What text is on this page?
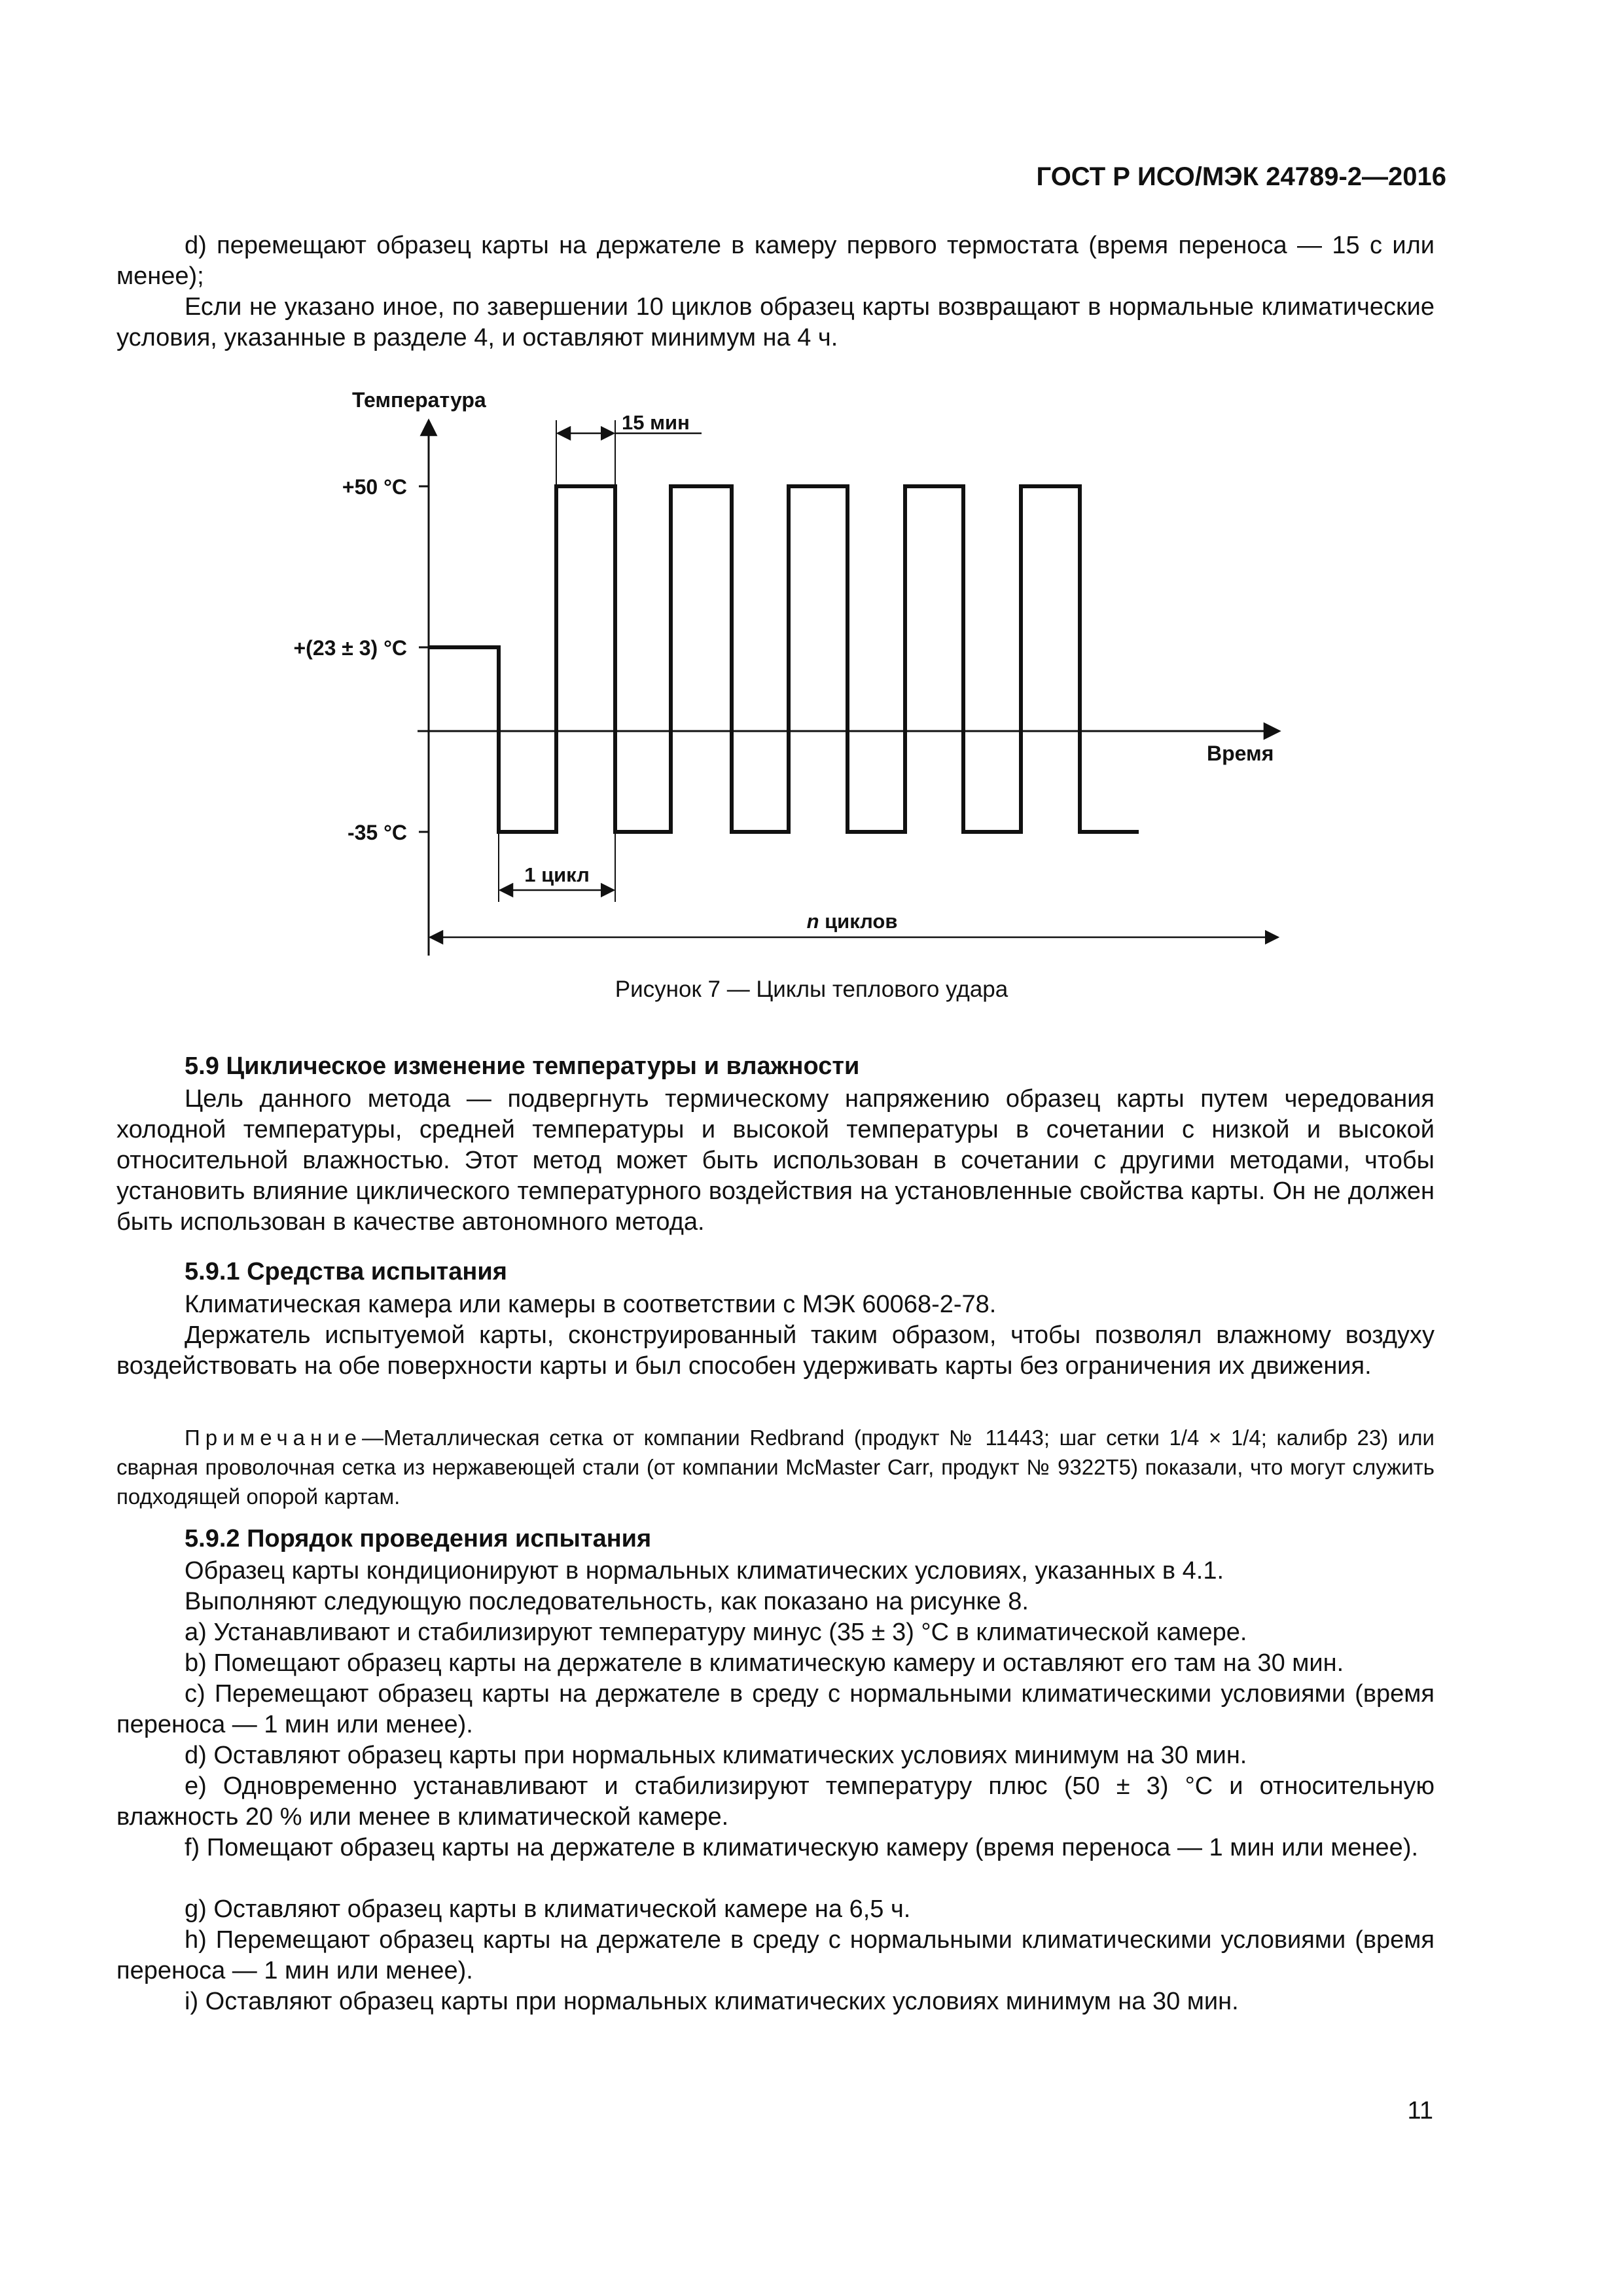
ГОСТ Р ИСО/МЭК 24789-2—2016
d) перемещают образец карты на держателе в камеру первого термостата (время переноса — 15 с или менее);
Если не указано иное, по завершении 10 циклов образец карты возвращают в нормальные климатические условия, указанные в разделе 4, и оставляют минимум на 4 ч.
Температура
Время
+50 °C
+(23 ± 3) °C
-35 °C
15 мин
1 цикл
n циклов
Рисунок 7 — Циклы теплового удара
5.9 Циклическое изменение температуры и влажности
Цель данного метода — подвергнуть термическому напряжению образец карты путем чередования холодной температуры, средней температуры и высокой температуры в сочетании с низкой и высокой относительной влажностью. Этот метод может быть использован в сочетании с другими методами, чтобы установить влияние циклического температурного воздействия на установленные свойства карты. Он не должен быть использован в качестве автономного метода.
5.9.1 Средства испытания
Климатическая камера или камеры в соответствии с МЭК 60068-2-78.
Держатель испытуемой карты, сконструированный таким образом, чтобы позволял влажному воздуху воздействовать на обе поверхности карты и был способен удерживать карты без ограничения их движения.
Примечание—Металлическая сетка от компании Redbrand (продукт № 11443; шаг сетки 1/4 × 1/4; калибр 23) или сварная проволочная сетка из нержавеющей стали (от компании McMaster Carr, продукт № 9322T5) показали, что могут служить подходящей опорой картам.
5.9.2 Порядок проведения испытания
Образец карты кондиционируют в нормальных климатических условиях, указанных в 4.1.
Выполняют следующую последовательность, как показано на рисунке 8.
a) Устанавливают и стабилизируют температуру минус (35 ± 3) °С в климатической камере.
b) Помещают образец карты на держателе в климатическую камеру и оставляют его там на 30 мин.
c) Перемещают образец карты на держателе в среду с нормальными климатическими условиями (время переноса — 1 мин или менее).
d) Оставляют образец карты при нормальных климатических условиях минимум на 30 мин.
e) Одновременно устанавливают и стабилизируют температуру плюс (50 ± 3) °С и относительную влажность 20 % или менее в климатической камере.
f) Помещают образец карты на держателе в климатическую камеру (время переноса — 1 мин или менее).
g) Оставляют образец карты в климатической камере на 6,5 ч.
h) Перемещают образец карты на держателе в среду с нормальными климатическими условиями (время переноса — 1 мин или менее).
i) Оставляют образец карты при нормальных климатических условиях минимум на 30 мин.
11
